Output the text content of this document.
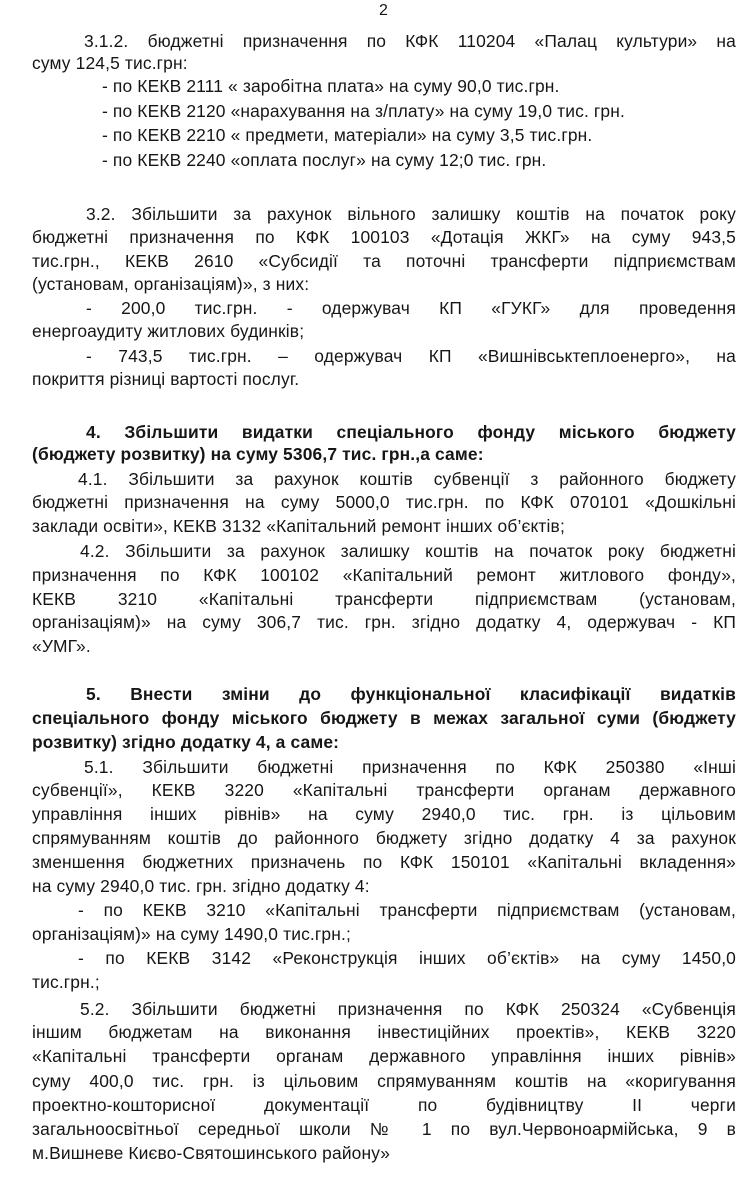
2
3.1.2. бюджетні призначення по КФК 110204 «Палац культури» на
суму 124,5 тис.грн:
- по КЕКВ 2111 « заробітна плата» на суму 90,0 тис.грн.
- по КЕКВ 2120 «нарахування на з/плату» на суму 19,0 тис. грн.
- по КЕКВ 2210 « предмети, матеріали» на суму 3,5 тис.грн.
- по КЕКВ 2240 «оплата послуг» на суму 12;0 тис. грн.
3.2. Збільшити за рахунок вільного залишку коштів на початок року
бюджетні призначення по КФК 100103 «Дотація ЖКГ» на суму 943,5
тис.грн., КЕКВ 2610 «Субсидії та поточні трансферти підприємствам
(установам, організаціям)», з них:
- 200,0 тис.грн. - одержувач КП «ГУКГ» для проведення
енергоаудиту житлових будинків;
- 743,5 тис.грн. – одержувач КП «Вишнівськтеплоенерго», на
покриття різниці вартості послуг.
4. Збільшити видатки спеціального фонду міського бюджету
(бюджету розвитку) на суму 5306,7 тис. грн.,а саме:
4.1. Збільшити за рахунок коштів субвенції з районного бюджету
бюджетні призначення на суму 5000,0 тис.грн. по КФК 070101 «Дошкільні
заклади освіти», КЕКВ 3132 «Капітальний ремонт інших об’єктів;
4.2. Збільшити за рахунок залишку коштів на початок року бюджетні
призначення по КФК 100102 «Капітальний ремонт житлового фонду»,
КЕКВ 3210 «Капітальні трансферти підприємствам (установам,
організаціям)» на суму 306,7 тис. грн. згідно додатку 4, одержувач - КП
«УМГ».
5. Внести зміни до функціональної класифікації видатків
спеціального фонду міського бюджету в межах загальної суми (бюджету
розвитку) згідно додатку 4, а саме:
5.1. Збільшити бюджетні призначення по КФК 250380 «Інші
субвенції», КЕКВ 3220 «Капітальні трансферти органам державного
управління інших рівнів» на суму 2940,0 тис. грн. із цільовим
спрямуванням коштів до районного бюджету згідно додатку 4 за рахунок
зменшення бюджетних призначень по КФК 150101 «Капітальні вкладення»
на суму 2940,0 тис. грн. згідно додатку 4:
- по КЕКВ 3210 «Капітальні трансферти підприємствам (установам,
організаціям)» на суму 1490,0 тис.грн.;
- по КЕКВ 3142 «Реконструкція інших об’єктів» на суму 1450,0
тис.грн.;
5.2. Збільшити бюджетні призначення по КФК 250324 «Субвенція
іншим бюджетам на виконання інвестиційних проектів», КЕКВ 3220
«Капітальні трансферти органам державного управління інших рівнів»
суму 400,0 тис. грн. із цільовим спрямуванням коштів на «коригування
проектно-кошторисної документації по будівництву ІІ черги
загальноосвітньої середньої школи № 1 по вул.Червоноармійська, 9 в
м.Вишневе Києво-Святошинського району»
